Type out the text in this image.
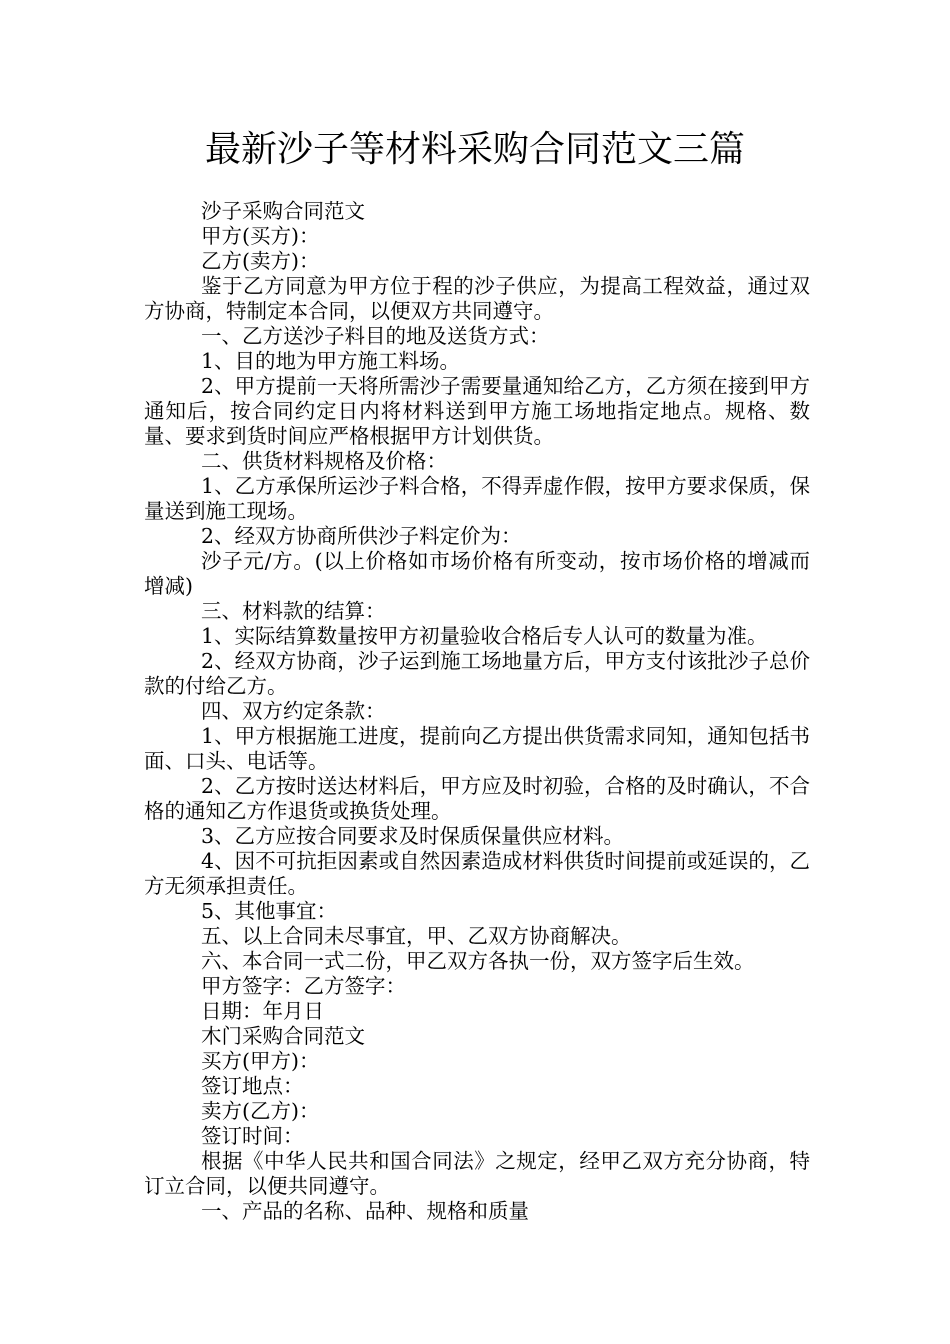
最新沙子等材料采购合同范文三篇

沙子采购合同范文

甲方(买方)：

乙方(卖方)：

鉴于乙方同意为甲方位于程的沙子供应，为提高工程效益，通过双方协商，特制定本合同，以便双方共同遵守。

一、乙方送沙子料目的地及送货方式：

1、目的地为甲方施工料场。

2、甲方提前一天将所需沙子需要量通知给乙方，乙方须在接到甲方通知后，按合同约定日内将材料送到甲方施工场地指定地点。规格、数量、要求到货时间应严格根据甲方计划供货。

二、供货材料规格及价格：

1、乙方承保所运沙子料合格，不得弄虚作假，按甲方要求保质，保量送到施工现场。

2、经双方协商所供沙子料定价为：

沙子元/方。(以上价格如市场价格有所变动，按市场价格的增减而增减)

三、材料款的结算：

1、实际结算数量按甲方初量验收合格后专人认可的数量为准。

2、经双方协商，沙子运到施工场地量方后，甲方支付该批沙子总价款的付给乙方。

四、双方约定条款：

1、甲方根据施工进度，提前向乙方提出供货需求同知，通知包括书面、口头、电话等。

2、乙方按时送达材料后，甲方应及时初验，合格的及时确认，不合格的通知乙方作退货或换货处理。

3、乙方应按合同要求及时保质保量供应材料。

4、因不可抗拒因素或自然因素造成材料供货时间提前或延误的，乙方无须承担责任。

5、其他事宜：

五、以上合同未尽事宜，甲、乙双方协商解决。

六、本合同一式二份，甲乙双方各执一份，双方签字后生效。

甲方签字：乙方签字：

日期：年月日

木门采购合同范文

买方(甲方)：

签订地点：

卖方(乙方)：

签订时间：

根据《中华人民共和国合同法》之规定，经甲乙双方充分协商，特订立合同，以便共同遵守。

一、产品的名称、品种、规格和质量
